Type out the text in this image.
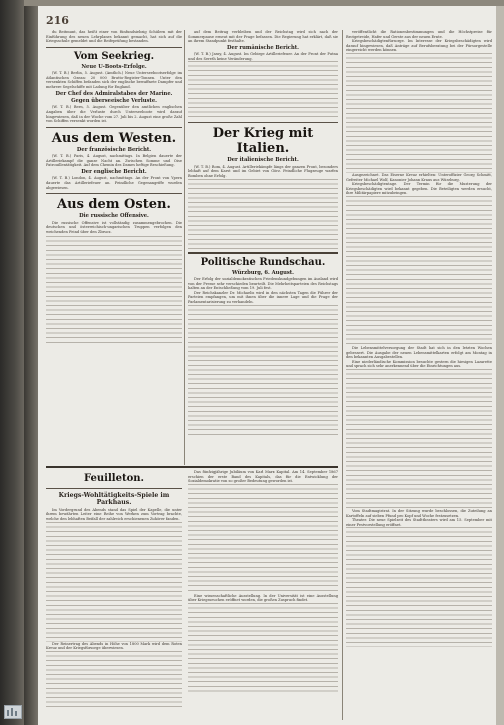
216

du Beitmunt, das heißt einer von fünfundsiebzig Schülern mit der Einführung des neuen Lehrplanes bekannt gemacht, hat sich auf die Kriegsschule gemeldet und die Reifeprüfung bestanden.

Vom Seekrieg.
Neue U-Boots-Erfolge.

(W. T. B.) Berlin, 5. August. (Amtlich.) Neue Unterseebootserfolge im Atlantischen Ozean: 20 000 Brutto-Register-Tonnen. Unter den versenkten Schiffen befanden sich der englische bewaffnete Dampfer und mehrere Segelschiffe mit Ladung für England.

Der Chef des Admiralstabes der Marine.
Gegen überseeische Verluste.

(W. T. B.) Bern, 5. August. Gegenüber den amtlichen englischen Angaben über die Verluste durch Unterseeboote wird darauf hingewiesen, daß in der Woche vom 27. Juli bis 2. August eine große Zahl von Schiffen versenkt worden ist.

Aus dem Westen.
Der französische Bericht.

(W. T. B.) Paris, 4. August, nachmittags. In Belgien dauerte der Artilleriekampf die ganze Nacht an. Zwischen Somme und Oise Patrouillentätigkeit. Auf dem Chemin des Dames heftige Beschießung.

Der englische Bericht.

(W. T. B.) London, 4. August, nachmittags. An der Front von Ypern dauerte das Artilleriefeuer an. Feindliche Gegenangriffe wurden abgewiesen.

Aus dem Osten.
Die russische Offensive.

Die russische Offensive ist vollständig zusammengebrochen. Die deutschen und österreichisch-ungarischen Truppen verfolgen den weichenden Feind über den Zbrucz.

auf dem Beitrag verbleiben und der Reichstag wird sich nach der Sommerpause erneut mit der Frage befassen. Die Regierung hat erklärt, daß sie an ihrem Standpunkt festhalte.

Der rumänische Bericht.

(W. T. B.) Jassy, 4. August. Im Gebirge Artilleriefeuer. An der Front der Putna und des Sereth keine Veränderung.

Der Krieg mit Italien.
Der italienische Bericht.

(W. T. B.) Rom, 4. August. Artilleriekämpfe längs der ganzen Front, besonders lebhaft auf dem Karst und im Gebiet von Görz. Feindliche Flugzeuge warfen Bomben ohne Erfolg.

Politische Rundschau.
Würzburg, 6. August.

Der Erfolg der sozialdemokratischen Friedenskundgebungen im Ausland wird von der Presse sehr verschieden beurteilt. Die Mehrheitsparteien des Reichstags halten an der Entschließung vom 19. Juli fest.

Der Reichskanzler Dr. Michaelis wird in den nächsten Tagen die Führer der Parteien empfangen, um mit ihnen über die innere Lage und die Frage der Parlamentarisierung zu verhandeln.

veröffentlicht die Rationenbestimmungen und die Höchstpreise für Brotgetreide, Hafer und Gerste aus der neuen Ernte.

Kriegsbeschädigtenfürsorge. Im Interesse der Kriegsbeschädigten wird darauf hingewiesen, daß Anträge auf Berufsberatung bei der Fürsorgestelle eingereicht werden können.

Ausgezeichnet. Das Eiserne Kreuz erhielten: Unteroffizier Georg Schmitt, Gefreiter Michael Wolf, Kanonier Johann Kraus aus Würzburg.

Kriegsbeschädigtentage. Der Termin für die Musterung der Kriegsbeschädigten wird bekannt gegeben. Die Beteiligten werden ersucht, ihre Militärpapiere mitzubringen.

Die Lebensmittelversorgung der Stadt hat sich in den letzten Wochen gebessert. Die Ausgabe der neuen Lebensmittelkarten erfolgt am Montag in den bekannten Ausgabestellen.

Eine niederländische Kommission besuchte gestern die hiesigen Lazarette und sprach sich sehr anerkennend über die Einrichtungen aus.

Vom Stadtmagistrat. In der Sitzung wurde beschlossen, die Zuteilung an Kartoffeln auf sieben Pfund pro Kopf und Woche festzusetzen.

Theater. Die neue Spielzeit des Stadttheaters wird am 15. September mit einer Festvorstellung eröffnet.

Feuilleton.
Kriegs-Wohltätigkeits-Spiele im Parkhaus.

Im Vordergrund des Abends stand das Spiel der Kapelle, die unter ihrem bewährten Leiter eine Reihe von Werken zum Vortrag brachte, welche den lebhaften Beifall der zahlreich erschienenen Zuhörer fanden.

Der Reinertrag des Abends in Höhe von 1800 Mark wird dem Roten Kreuz und der Kriegsfürsorge überwiesen.

Das fünfzigjährige Jubiläum von Karl Marx Kapital. Am 14. September 1867 erschien der erste Band des Kapitals, das für die Entwicklung der Sozialdemokratie von so großer Bedeutung geworden ist.

Eine wissenschaftliche Ausstellung. In der Universität ist eine Ausstellung über Kriegsseuchen eröffnet worden, die großen Zuspruch findet.
